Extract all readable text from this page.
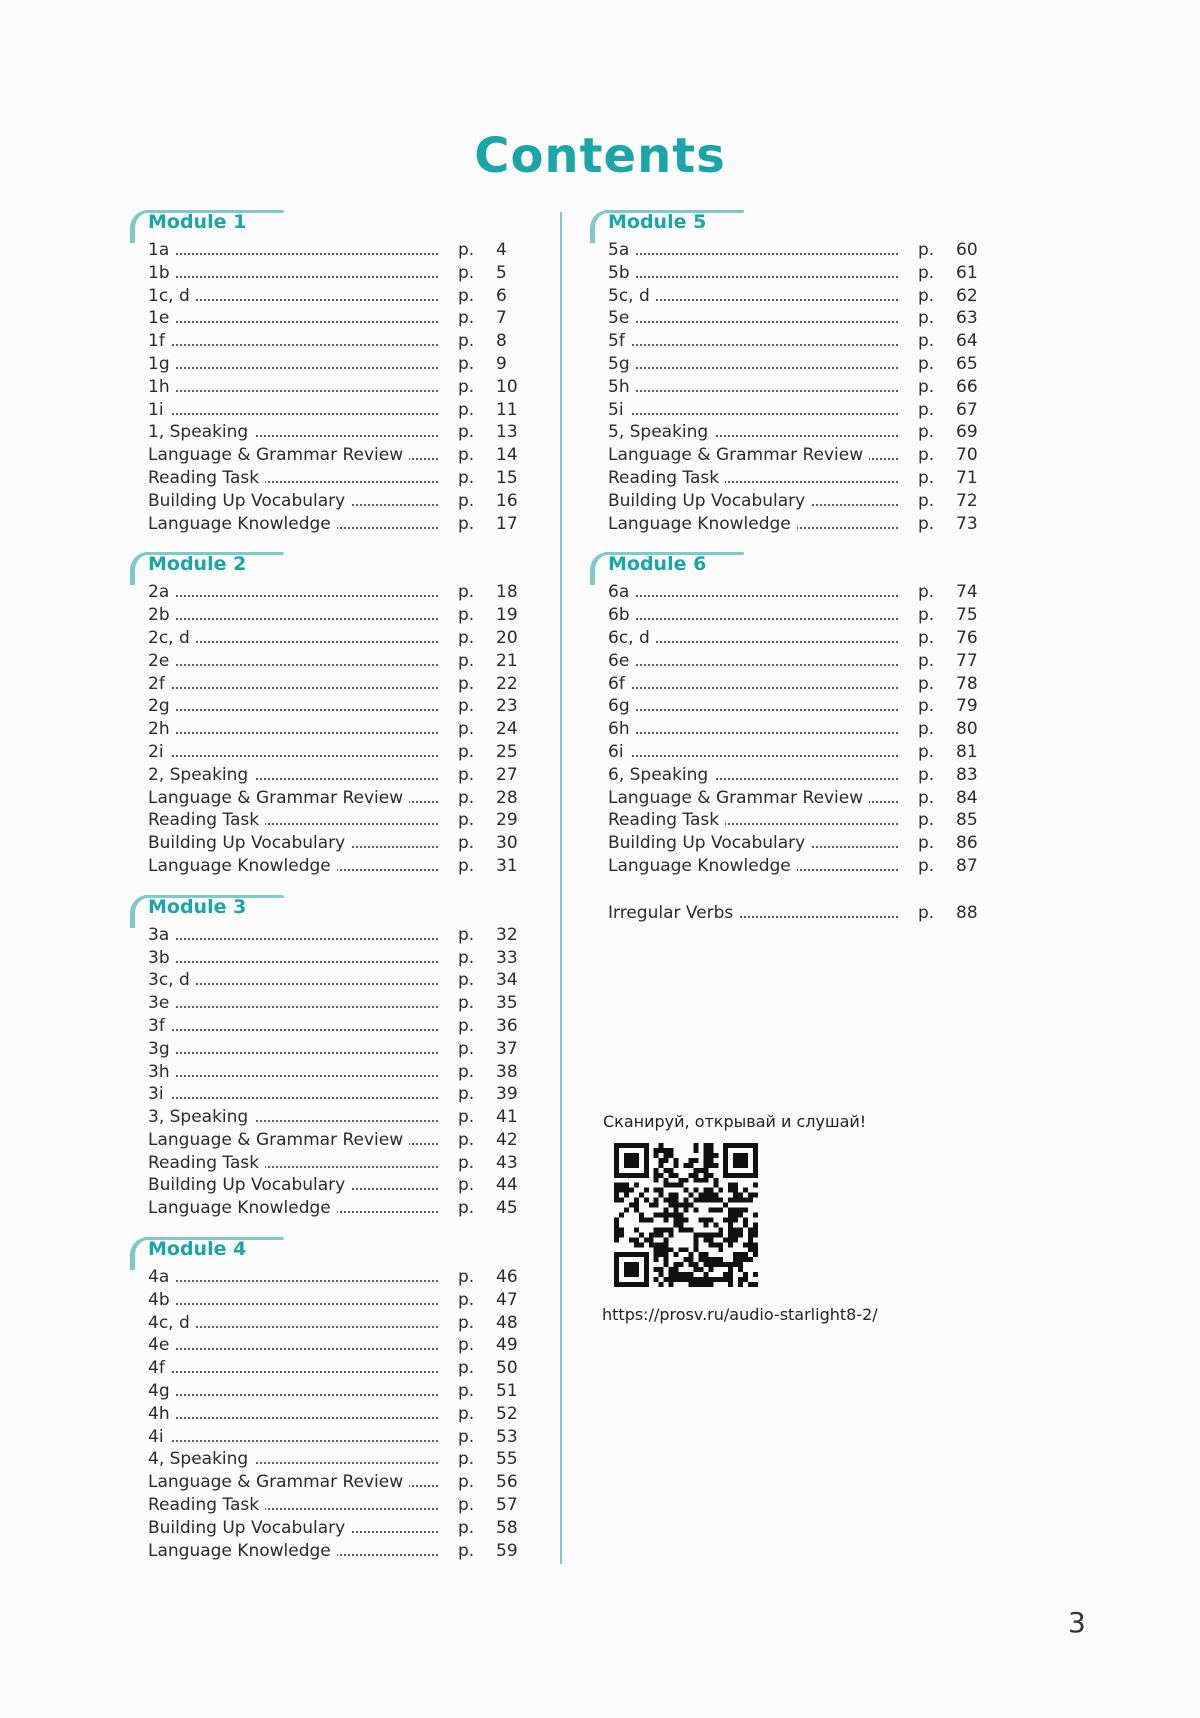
Contents
Module 1
1a	p. 4
1b	p. 5
1c, d	p. 6
1e	p. 7
1f	p. 8
1g	p. 9
1h	p. 10
1i	p. 11
1, Speaking	p. 13
Language & Grammar Review	p. 14
Reading Task	p. 15
Building Up Vocabulary	p. 16
Language Knowledge	p. 17
Module 2
2a	p. 18
2b	p. 19
2c, d	p. 20
2e	p. 21
2f	p. 22
2g	p. 23
2h	p. 24
2i	p. 25
2, Speaking	p. 27
Language & Grammar Review	p. 28
Reading Task	p. 29
Building Up Vocabulary	p. 30
Language Knowledge	p. 31
Module 3
3a	p. 32
3b	p. 33
3c, d	p. 34
3e	p. 35
3f	p. 36
3g	p. 37
3h	p. 38
3i	p. 39
3, Speaking	p. 41
Language & Grammar Review	p. 42
Reading Task	p. 43
Building Up Vocabulary	p. 44
Language Knowledge	p. 45
Module 4
4a	p. 46
4b	p. 47
4c, d	p. 48
4e	p. 49
4f	p. 50
4g	p. 51
4h	p. 52
4i	p. 53
4, Speaking	p. 55
Language & Grammar Review	p. 56
Reading Task	p. 57
Building Up Vocabulary	p. 58
Language Knowledge	p. 59
Module 5
5a	p. 60
5b	p. 61
5c, d	p. 62
5e	p. 63
5f	p. 64
5g	p. 65
5h	p. 66
5i	p. 67
5, Speaking	p. 69
Language & Grammar Review	p. 70
Reading Task	p. 71
Building Up Vocabulary	p. 72
Language Knowledge	p. 73
Module 6
6a	p. 74
6b	p. 75
6c, d	p. 76
6e	p. 77
6f	p. 78
6g	p. 79
6h	p. 80
6i	p. 81
6, Speaking	p. 83
Language & Grammar Review	p. 84
Reading Task	p. 85
Building Up Vocabulary	p. 86
Language Knowledge	p. 87
Irregular Verbs	p. 88
Сканируй, открывай и слушай!
https://prosv.ru/audio-starlight8-2/
3
